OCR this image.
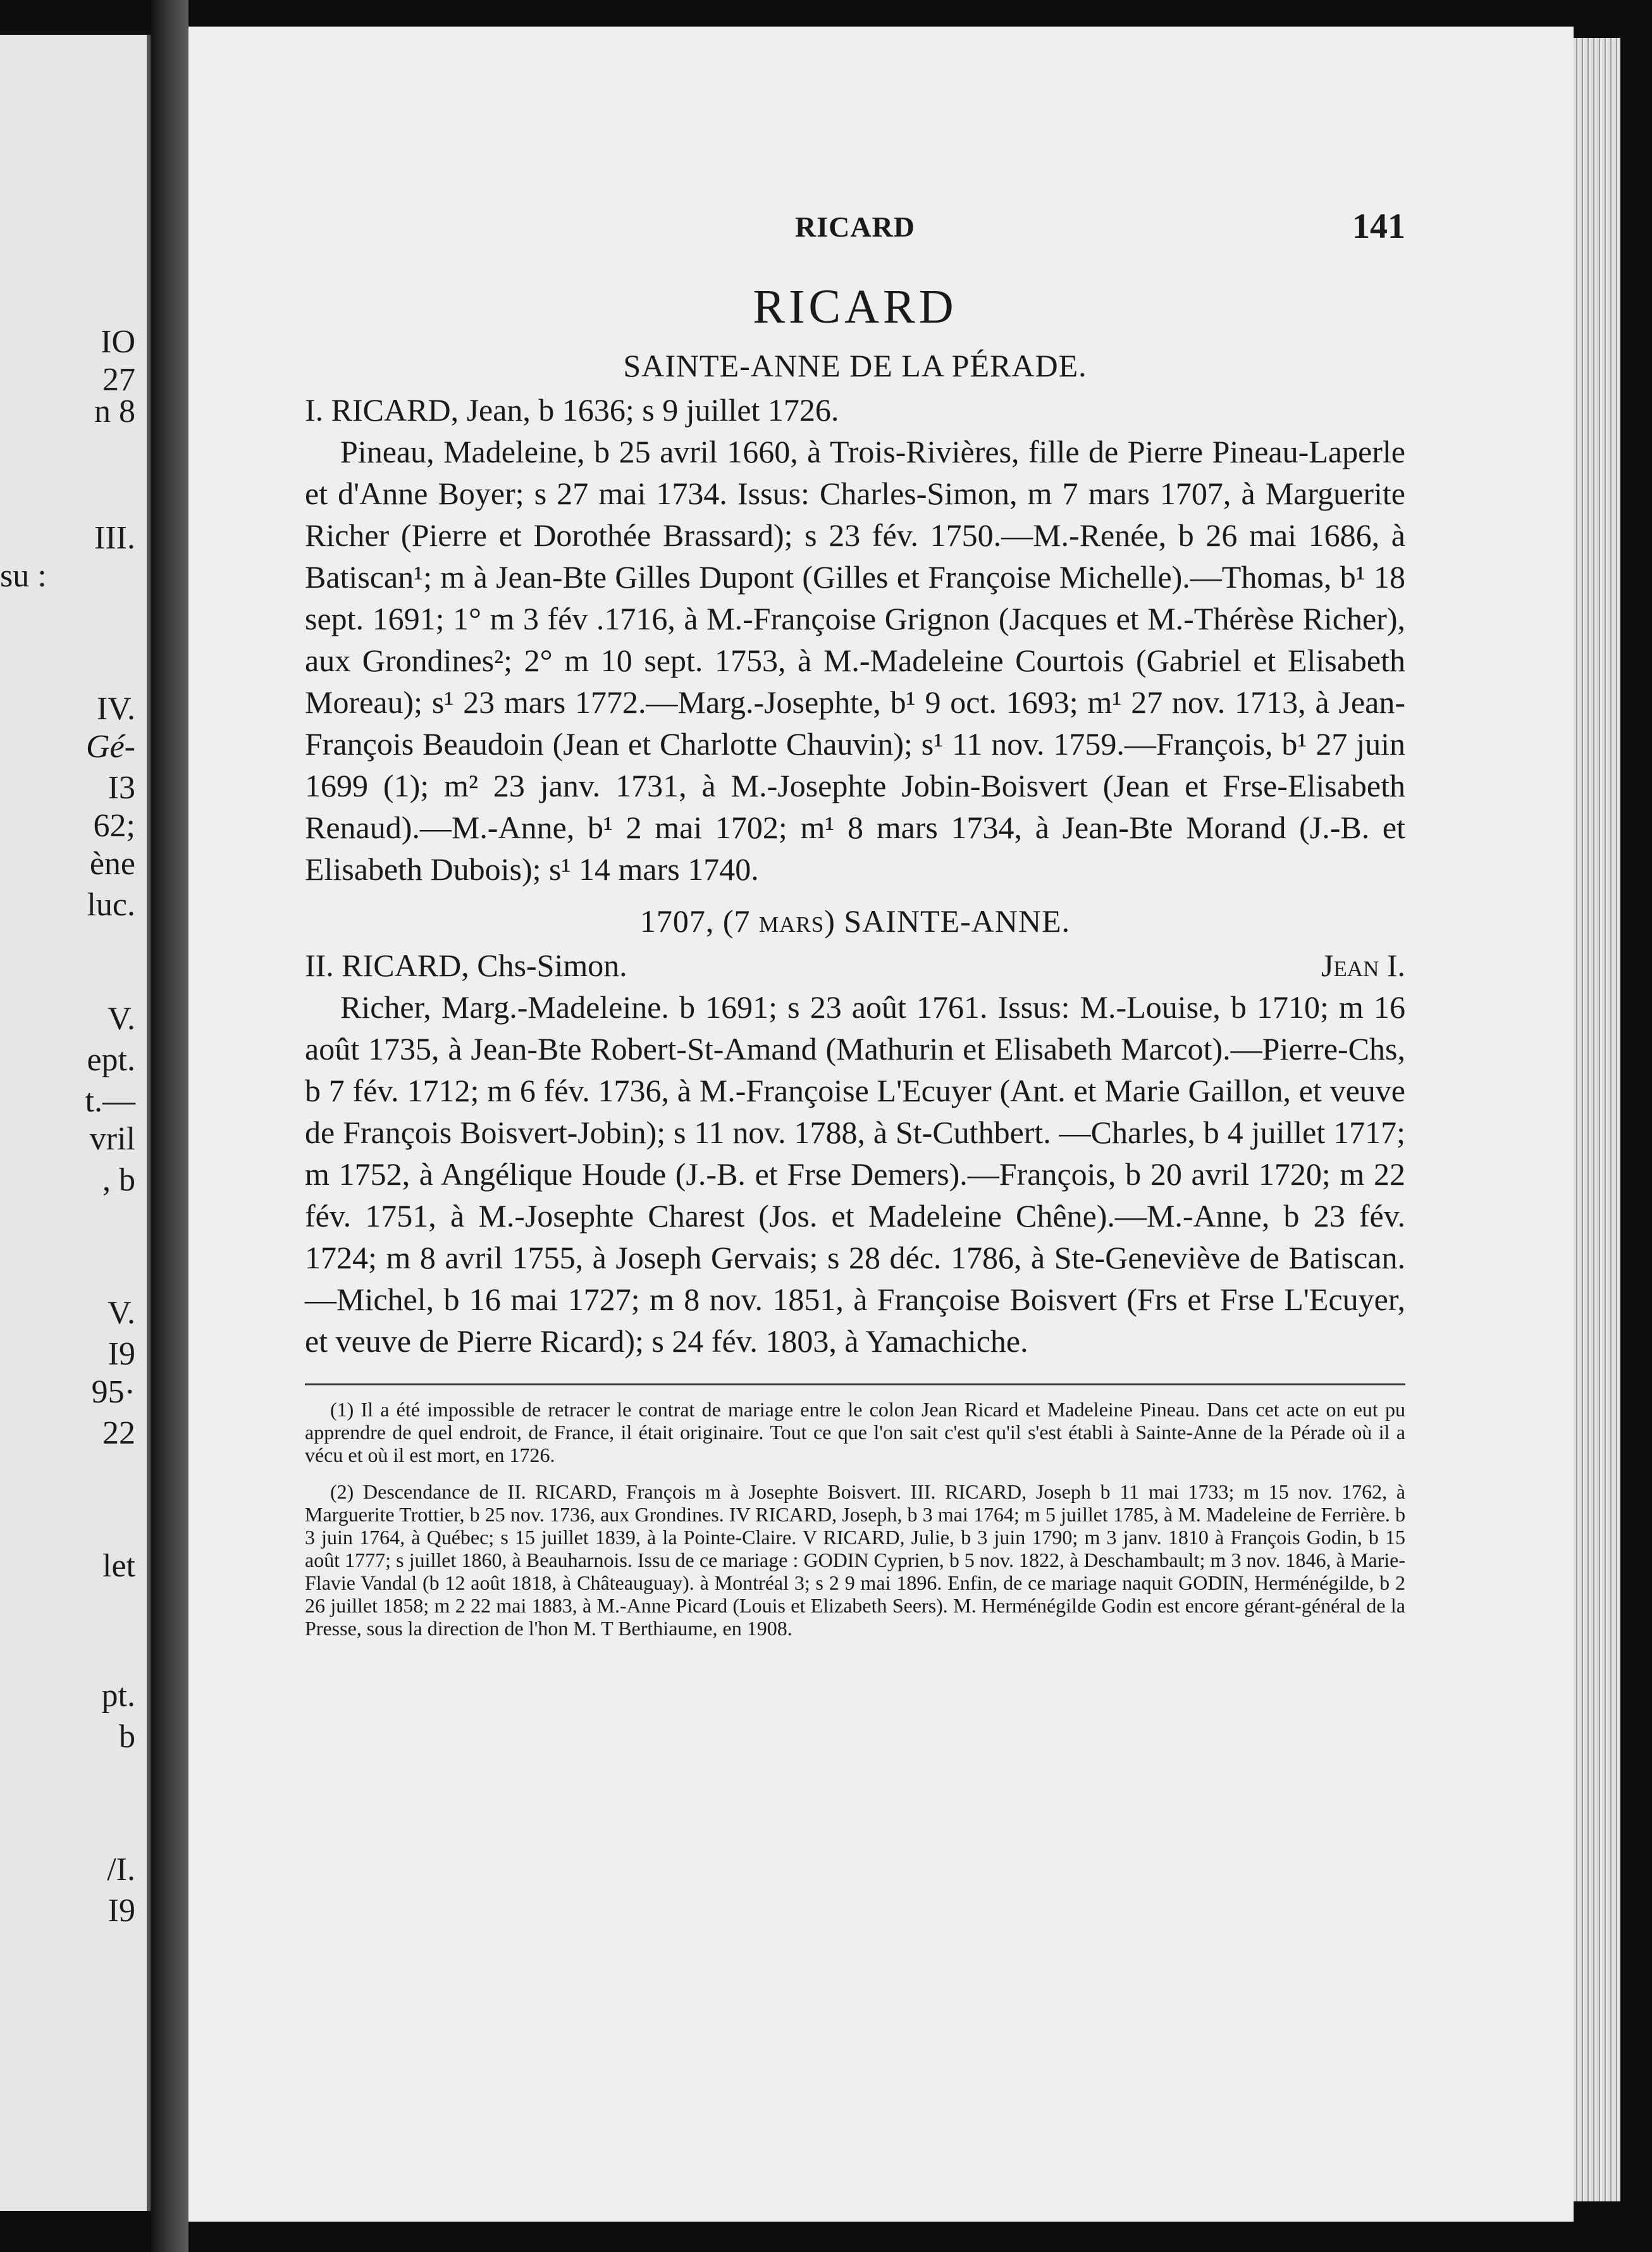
IO
27
n 8
III.
su :
IV.
Gé-
I3
62;
ène
luc.
V.
ept.
t.—
vril
, b
V.
I9
95·
22
let
pt.
b
/I.
I9
RICARD	141
RICARD
SAINTE-ANNE DE LA PÉRADE.

I. RICARD, Jean, b 1636; s 9 juillet 1726.

Pineau, Madeleine, b 25 avril 1660, à Trois-Rivières, fille de Pierre Pineau-Laperle et d'Anne Boyer; s 27 mai 1734. Issus: Charles-Simon, m 7 mars 1707, à Marguerite Richer (Pierre et Dorothée Brassard); s 23 fév. 1750.—M.-Renée, b 26 mai 1686, à Batiscan¹; m à Jean-Bte Gilles Dupont (Gilles et Françoise Michelle).—Thomas, b¹ 18 sept. 1691; 1° m 3 fév .1716, à M.-Françoise Grignon (Jacques et M.-Thérèse Richer), aux Grondines²; 2° m 10 sept. 1753, à M.-Madeleine Courtois (Gabriel et Elisabeth Moreau); s¹ 23 mars 1772.—Marg.-Josephte, b¹ 9 oct. 1693; m¹ 27 nov. 1713, à Jean-François Beaudoin (Jean et Charlotte Chauvin); s¹ 11 nov. 1759.—François, b¹ 27 juin 1699 (1); m² 23 janv. 1731, à M.-Josephte Jobin-Boisvert (Jean et Frse-Elisabeth Renaud).—M.-Anne, b¹ 2 mai 1702; m¹ 8 mars 1734, à Jean-Bte Morand (J.-B. et Elisabeth Dubois); s¹ 14 mars 1740.

1707, (7 mars) SAINTE-ANNE.

II. RICARD, Chs-Simon.	Jean I.

Richer, Marg.-Madeleine. b 1691; s 23 août 1761. Issus: M.-Louise, b 1710; m 16 août 1735, à Jean-Bte Robert-St-Amand (Mathurin et Elisabeth Marcot).—Pierre-Chs, b 7 fév. 1712; m 6 fév. 1736, à M.-Françoise L'Ecuyer (Ant. et Marie Gaillon, et veuve de François Boisvert-Jobin); s 11 nov. 1788, à St-Cuthbert. —Charles, b 4 juillet 1717; m 1752, à Angélique Houde (J.-B. et Frse Demers).—François, b 20 avril 1720; m 22 fév. 1751, à M.-Josephte Charest (Jos. et Madeleine Chêne).—M.-Anne, b 23 fév. 1724; m 8 avril 1755, à Joseph Gervais; s 28 déc. 1786, à Ste-Geneviève de Batiscan.—Michel, b 16 mai 1727; m 8 nov. 1851, à Françoise Boisvert (Frs et Frse L'Ecuyer, et veuve de Pierre Ricard); s 24 fév. 1803, à Yamachiche.

(1) Il a été impossible de retracer le contrat de mariage entre le colon Jean Ricard et Madeleine Pineau. Dans cet acte on eut pu apprendre de quel endroit, de France, il était originaire. Tout ce que l'on sait c'est qu'il s'est établi à Sainte-Anne de la Pérade où il a vécu et où il est mort, en 1726.

(2) Descendance de II. RICARD, François m à Josephte Boisvert. III. RICARD, Joseph b 11 mai 1733; m 15 nov. 1762, à Marguerite Trottier, b 25 nov. 1736, aux Grondines. IV RICARD, Joseph, b 3 mai 1764; m 5 juillet 1785, à M. Madeleine de Ferrière. b 3 juin 1764, à Québec; s 15 juillet 1839, à la Pointe-Claire. V RICARD, Julie, b 3 juin 1790; m 3 janv. 1810 à François Godin, b 15 août 1777; s juillet 1860, à Beauharnois. Issu de ce mariage : GODIN Cyprien, b 5 nov. 1822, à Deschambault; m 3 nov. 1846, à Marie-Flavie Vandal (b 12 août 1818, à Châteauguay). à Montréal 3; s 2 9 mai 1896. Enfin, de ce mariage naquit GODIN, Herménégilde, b 2 26 juillet 1858; m 2 22 mai 1883, à M.-Anne Picard (Louis et Elizabeth Seers). M. Herménégilde Godin est encore gérant-général de la Presse, sous la direction de l'hon M. T Berthiaume, en 1908.
